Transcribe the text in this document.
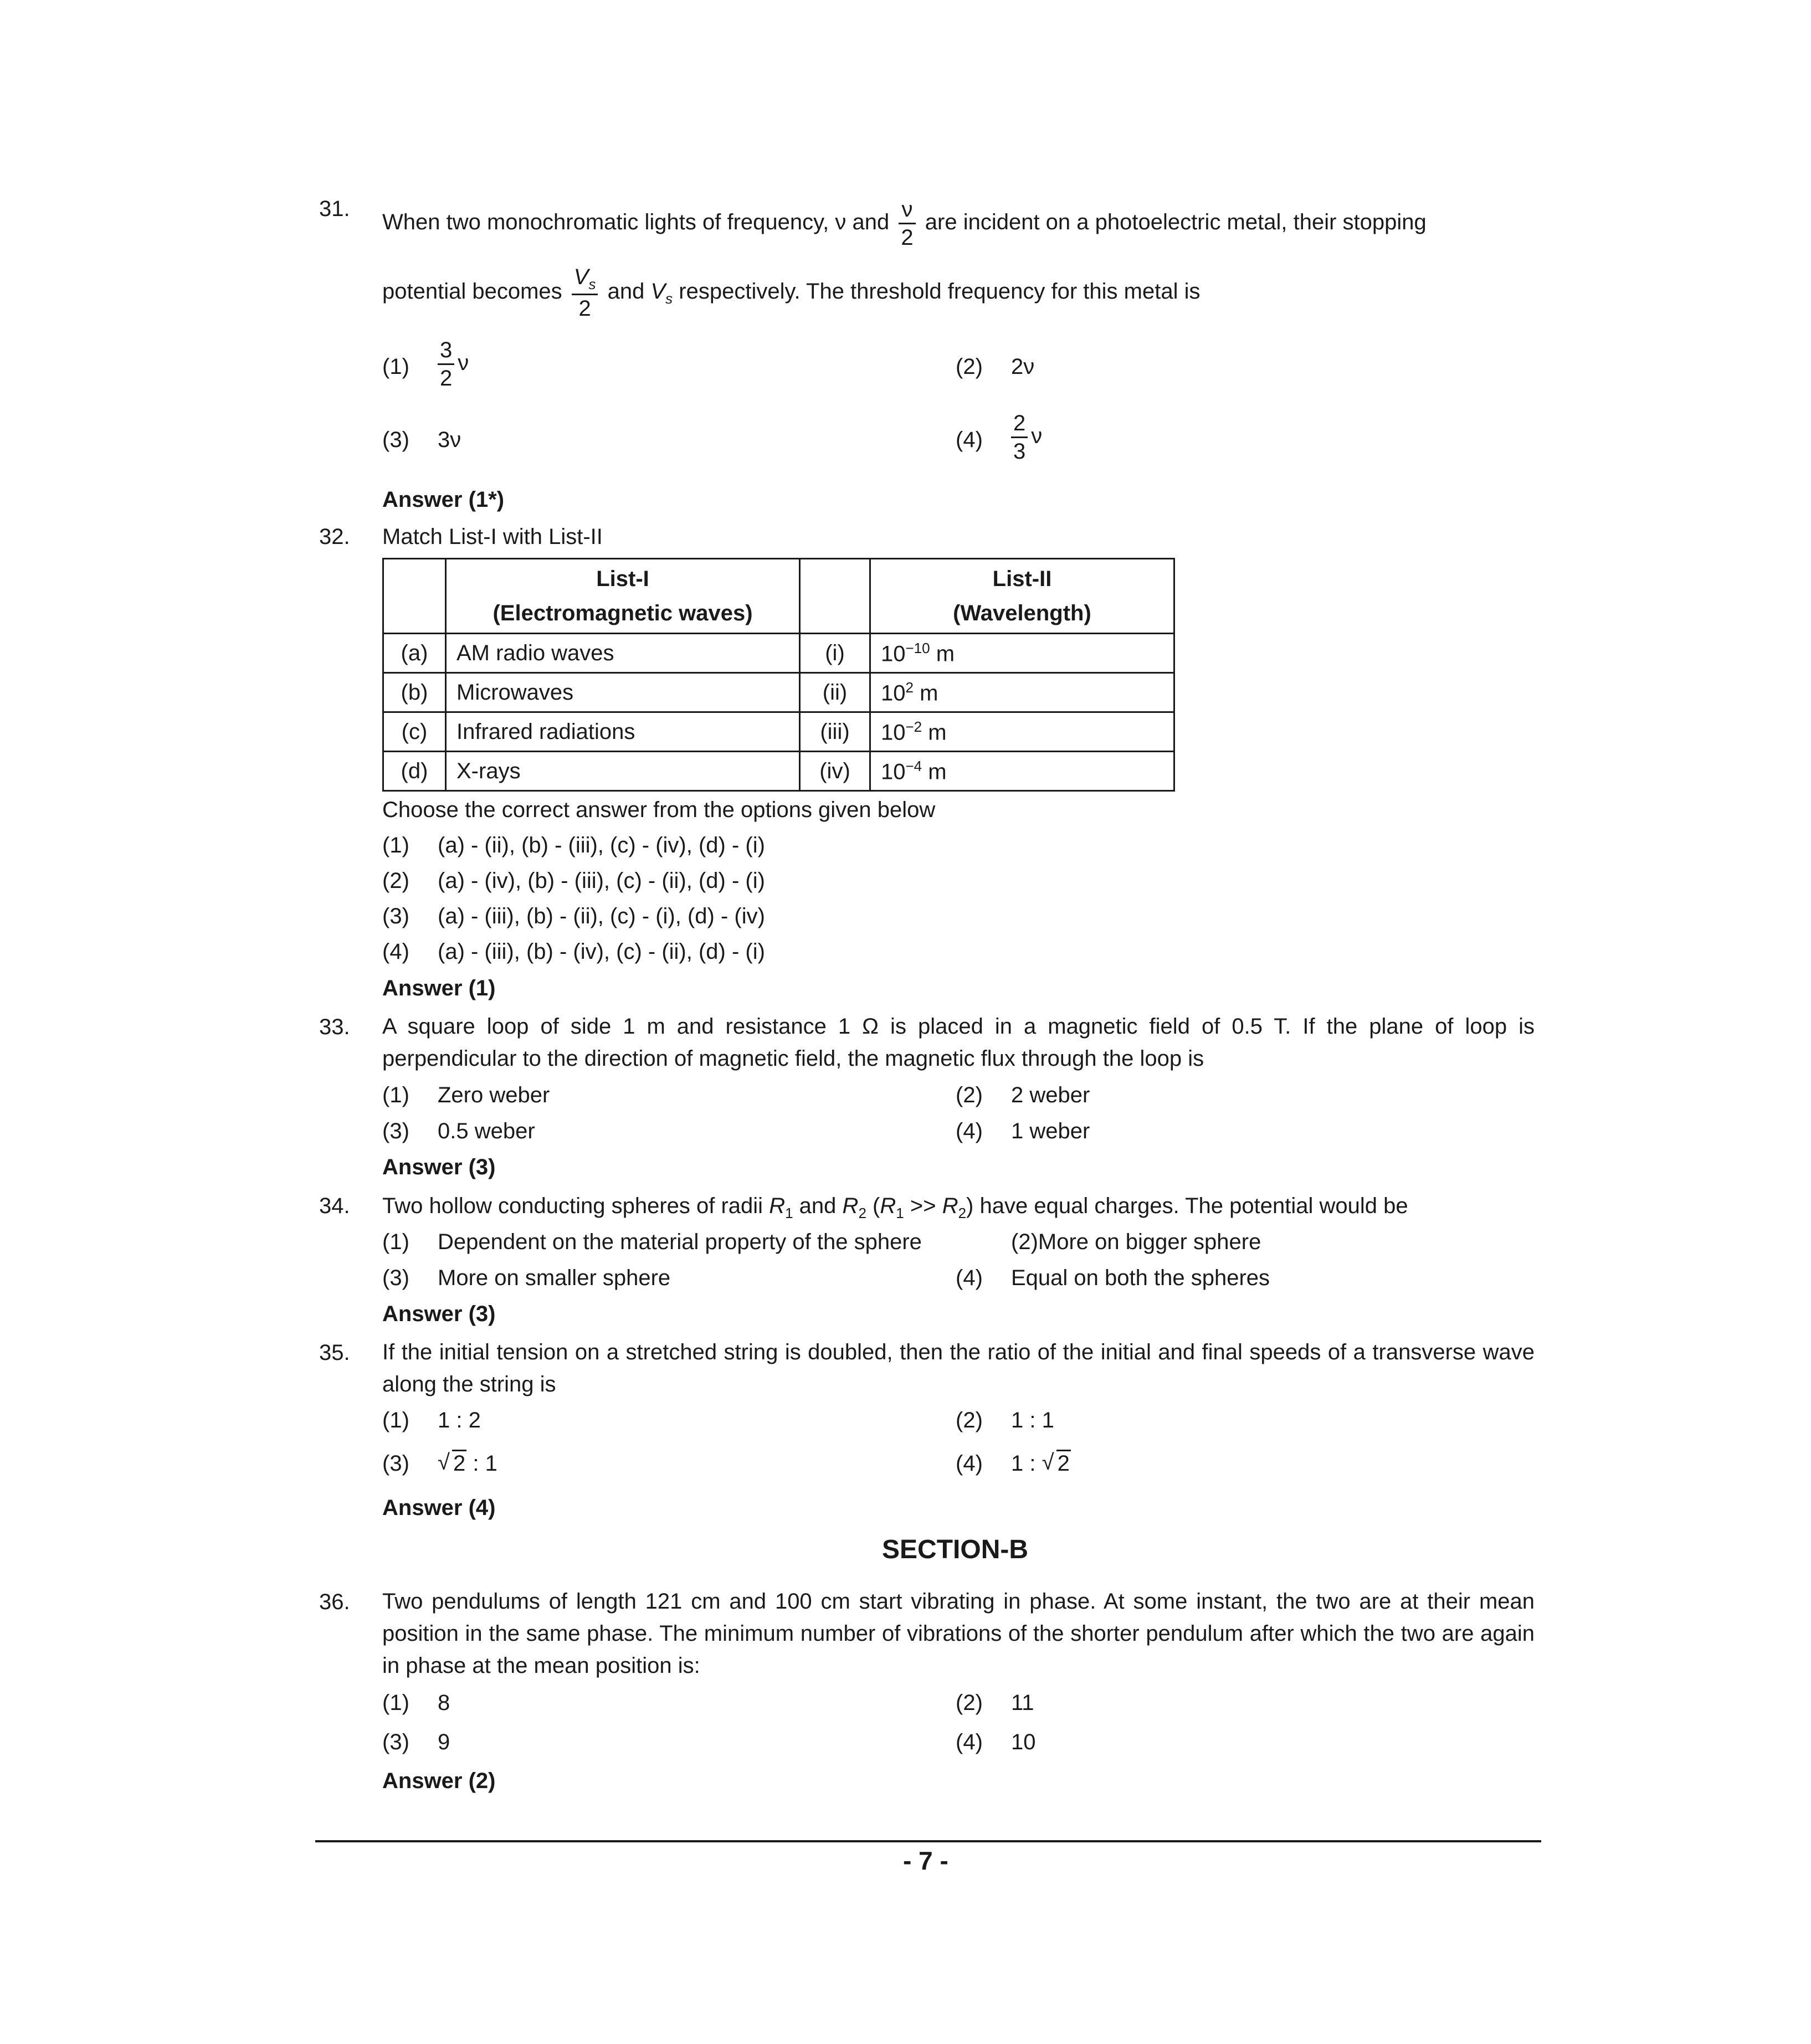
31.
When two monochromatic lights of frequency, ν and $\frac{\nu}{2}$ are incident on a photoelectric metal, their stopping
potential becomes $\frac{V_s}{2}$ and $V_s$ respectively. The threshold frequency for this metal is
$(1) \frac{3}{2}$ ν	(2) 2ν
(3) 3ν	$(4) \frac{2}{3}$ ν
Answer (1*)
32. Match List-I with List-II
	List-I
(Electromagnetic waves)		List-II
(Wavelength)
(a)	AM radio waves	(i)	$10^{-10}$ m
(b)	Microwaves	(ii)	$10^2$ m
(c)	Infrared radiations	(iii)	$10^{-2}$ m
(d)	X-rays	(iv)	$10^{-4}$ m
Choose the correct answer from the options given below
(1) (a) - (ii), (b) - (iii), (c) - (iv), (d) - (i)
(2) (a) - (iv), (b) - (iii), (c) - (ii), (d) - (i)
(3) (a) - (iii), (b) - (ii), (c) - (i), (d) - (iv)
(4) (a) - (iii), (b) - (iv), (c) - (ii), (d) - (i)
Answer (1)
33. A square loop of side 1 m and resistance 1 Ω is placed in a magnetic field of 0.5 T. If the plane of loop is perpendicular to the direction of magnetic field, the magnetic flux through the loop is
(1) Zero weber	(2) 2 weber
(3) 0.5 weber	(4) 1 weber
Answer (3)
34. Two hollow conducting spheres of radii $R_1$ and $R_2$ $(R_1 >> R_2)$ have equal charges. The potential would be
(1) Dependent on the material property of the sphere	(2)More on bigger sphere
(3) More on smaller sphere	(4) Equal on both the spheres
Answer (3)
35. If the initial tension on a stretched string is doubled, then the ratio of the initial and final speeds of a transverse wave along the string is
(1) 1 : 2	(2) 1 : 1
(3)	√ 2 : 1	(4) 1 : √ 2
Answer (4)
SECTION-B
36. Two pendulums of length 121 cm and 100 cm start vibrating in phase. At some instant, the two are at their mean position in the same phase. The minimum number of vibrations of the shorter pendulum after which the two are again in phase at the mean position is:
(1) 8	(2) 11
(3) 9	(4) 10
Answer (2)
- 7 -
